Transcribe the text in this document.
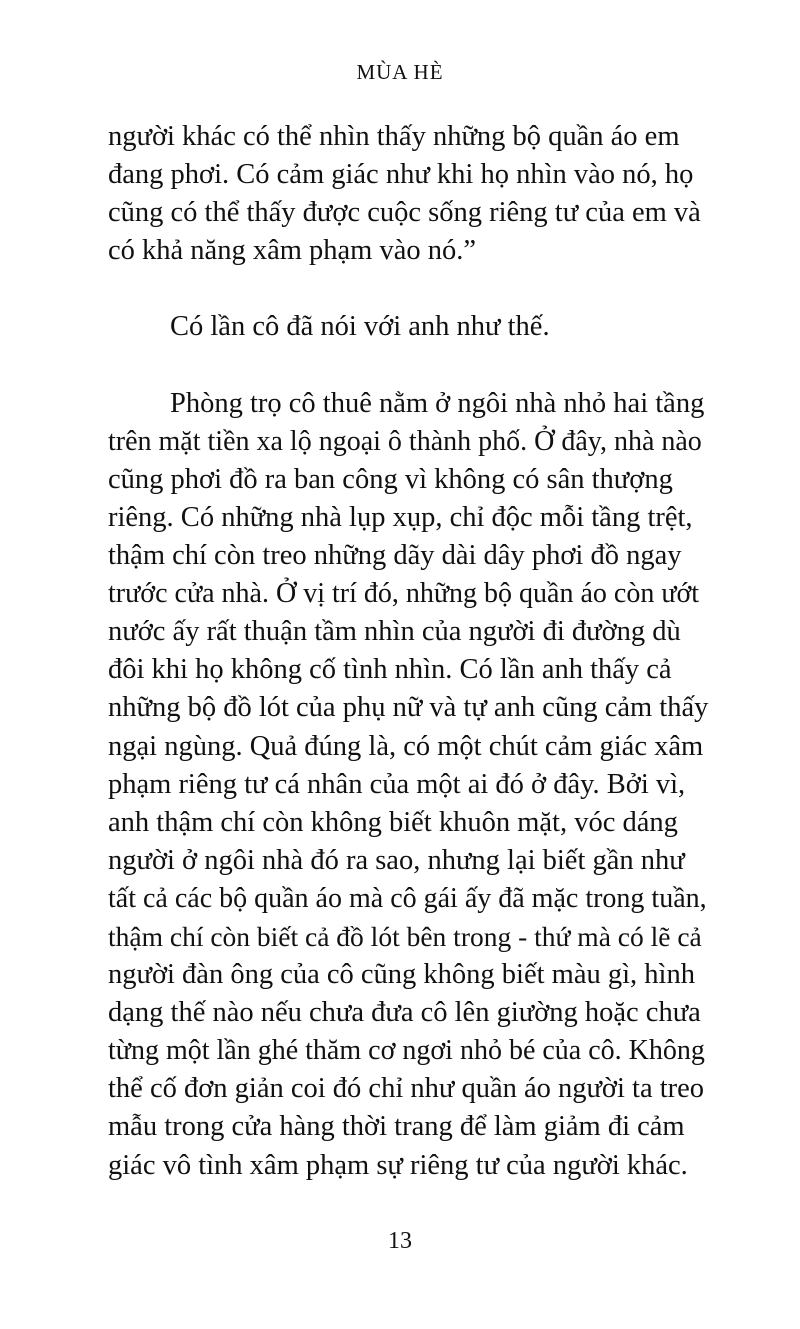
MÙA HÈ
người khác có thể nhìn thấy những bộ quần áo em
đang phơi. Có cảm giác như khi họ nhìn vào nó, họ
cũng có thể thấy được cuộc sống riêng tư của em và
có khả năng xâm phạm vào nó.”
Có lần cô đã nói với anh như thế.
Phòng trọ cô thuê nằm ở ngôi nhà nhỏ hai tầng
trên mặt tiền xa lộ ngoại ô thành phố. Ở đây, nhà nào
cũng phơi đồ ra ban công vì không có sân thượng
riêng. Có những nhà lụp xụp, chỉ độc mỗi tầng trệt,
thậm chí còn treo những dãy dài dây phơi đồ ngay
trước cửa nhà. Ở vị trí đó, những bộ quần áo còn ướt
nước ấy rất thuận tầm nhìn của người đi đường dù
đôi khi họ không cố tình nhìn. Có lần anh thấy cả
những bộ đồ lót của phụ nữ và tự anh cũng cảm thấy
ngại ngùng. Quả đúng là, có một chút cảm giác xâm
phạm riêng tư cá nhân của một ai đó ở đây. Bởi vì,
anh thậm chí còn không biết khuôn mặt, vóc dáng
người ở ngôi nhà đó ra sao, nhưng lại biết gần như
tất cả các bộ quần áo mà cô gái ấy đã mặc trong tuần,
thậm chí còn biết cả đồ lót bên trong - thứ mà có lẽ cả
người đàn ông của cô cũng không biết màu gì, hình
dạng thế nào nếu chưa đưa cô lên giường hoặc chưa
từng một lần ghé thăm cơ ngơi nhỏ bé của cô. Không
thể cố đơn giản coi đó chỉ như quần áo người ta treo
mẫu trong cửa hàng thời trang để làm giảm đi cảm
giác vô tình xâm phạm sự riêng tư của người khác.
13
